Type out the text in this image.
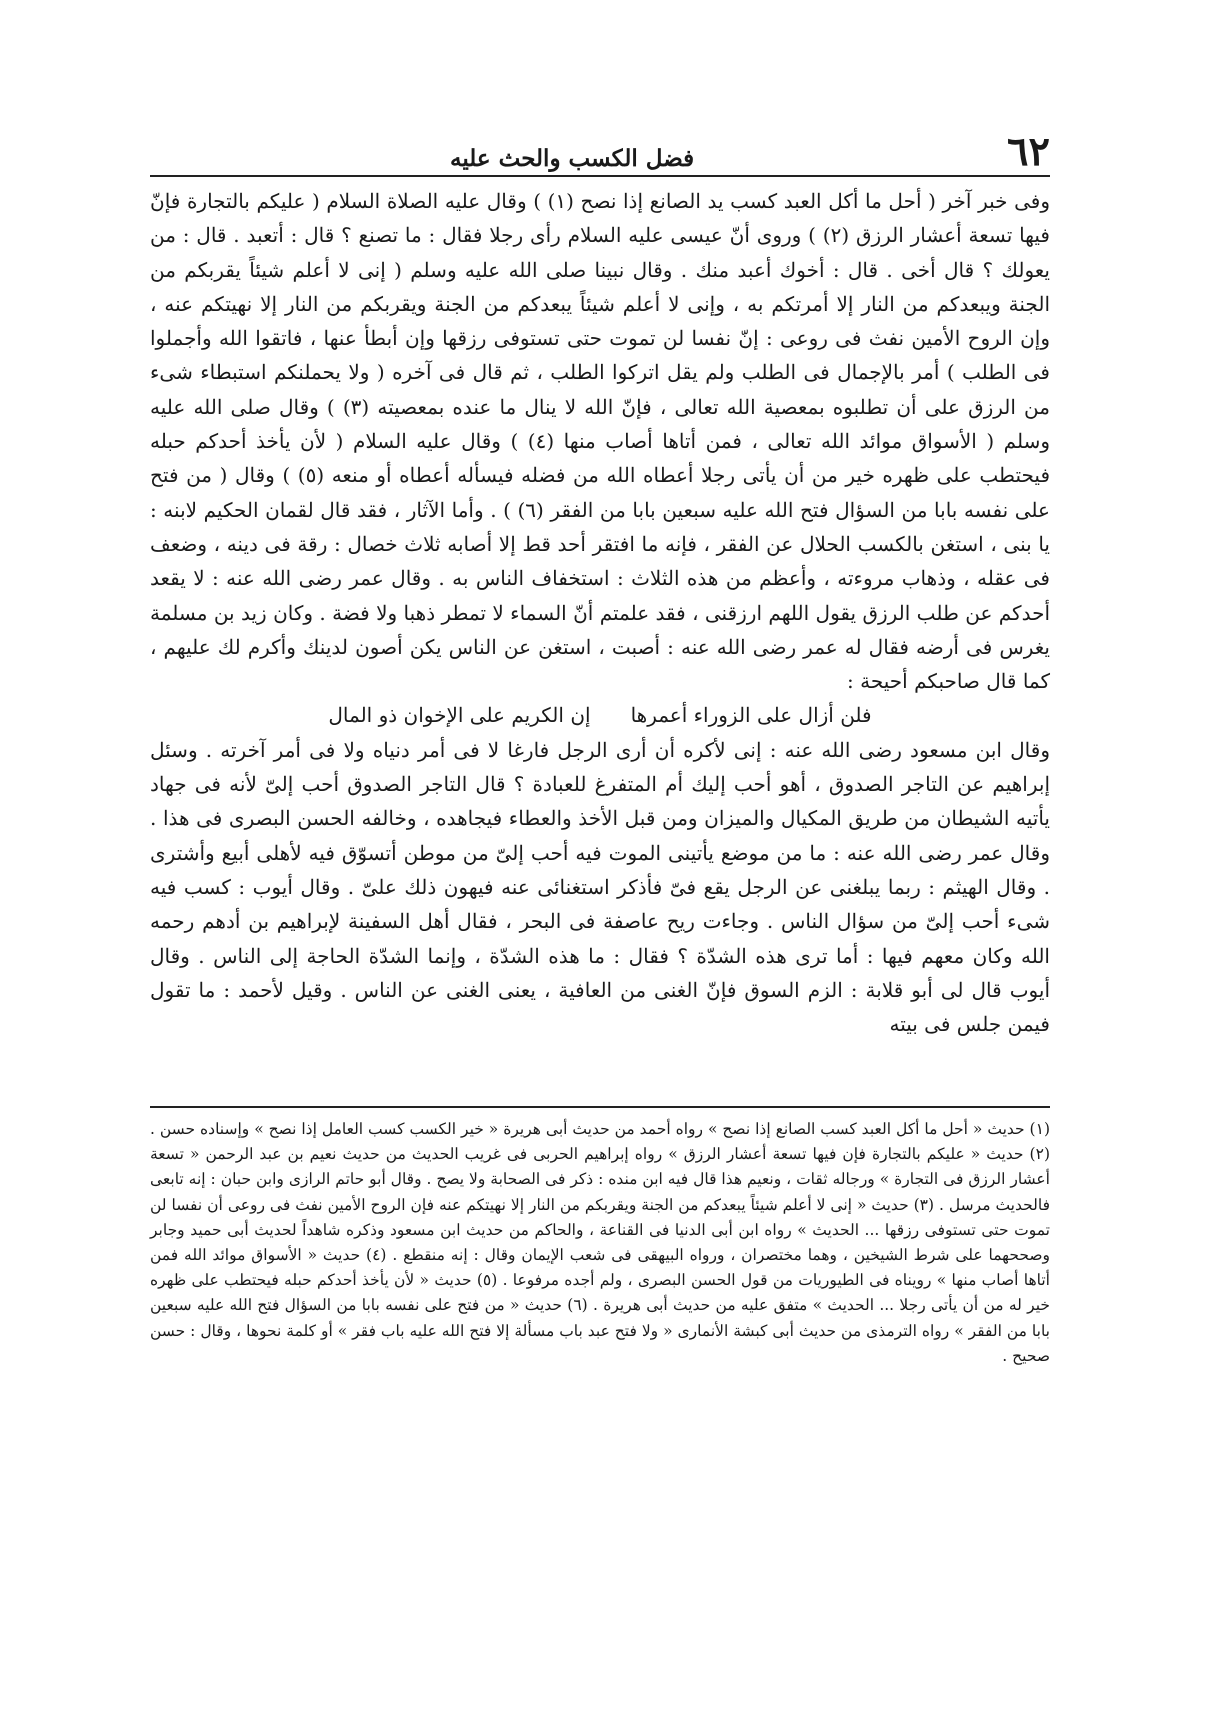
٦٢
فضل الكسب والحث عليه

وفى خبر آخر ( أحل ما أكل العبد كسب يد الصانع إذا نصح (١) ) وقال عليه الصلاة السلام ( عليكم بالتجارة فإنّ فيها تسعة أعشار الرزق (٢) ) وروى أنّ عيسى عليه السلام رأى رجلا فقال : ما تصنع ؟ قال : أتعبد . قال : من يعولك ؟ قال أخى . قال : أخوك أعبد منك . وقال نبينا صلى الله عليه وسلم ( إنى لا أعلم شيئاً يقربكم من الجنة ويبعدكم من النار إلا أمرتكم به ، وإنى لا أعلم شيئاً يبعدكم من الجنة ويقربكم من النار إلا نهيتكم عنه ، وإن الروح الأمين نفث فى روعى : إنّ نفسا لن تموت حتى تستوفى رزقها وإن أبطأ عنها ، فاتقوا الله وأجملوا فى الطلب ) أمر بالإجمال فى الطلب ولم يقل اتركوا الطلب ، ثم قال فى آخره ( ولا يحملنكم استبطاء شىء من الرزق على أن تطلبوه بمعصية الله تعالى ، فإنّ الله لا ينال ما عنده بمعصيته (٣) ) وقال صلى الله عليه وسلم ( الأسواق موائد الله تعالى ، فمن أتاها أصاب منها (٤) ) وقال عليه السلام ( لأن يأخذ أحدكم حبله فيحتطب على ظهره خير من أن يأتى رجلا أعطاه الله من فضله فيسأله أعطاه أو منعه (٥) ) وقال ( من فتح على نفسه بابا من السؤال فتح الله عليه سبعين بابا من الفقر (٦) ) . وأما الآثار ، فقد قال لقمان الحكيم لابنه : يا بنى ، استغن بالكسب الحلال عن الفقر ، فإنه ما افتقر أحد قط إلا أصابه ثلاث خصال : رقة فى دينه ، وضعف فى عقله ، وذهاب مروءته ، وأعظم من هذه الثلاث : استخفاف الناس به . وقال عمر رضى الله عنه : لا يقعد أحدكم عن طلب الرزق يقول اللهم ارزقنى ، فقد علمتم أنّ السماء لا تمطر ذهبا ولا فضة . وكان زيد بن مسلمة يغرس فى أرضه فقال له عمر رضى الله عنه : أصبت ، استغن عن الناس يكن أصون لدينك وأكرم لك عليهم ، كما قال صاحبكم أحيحة :

فلن أزال على الزوراء أعمرها
إن الكريم على الإخوان ذو المال

وقال ابن مسعود رضى الله عنه : إنى لأكره أن أرى الرجل فارغا لا فى أمر دنياه ولا فى أمر آخرته . وسئل إبراهيم عن التاجر الصدوق ، أهو أحب إليك أم المتفرغ للعبادة ؟ قال التاجر الصدوق أحب إلىّ لأنه فى جهاد يأتيه الشيطان من طريق المكيال والميزان ومن قبل الأخذ والعطاء فيجاهده ، وخالفه الحسن البصرى فى هذا . وقال عمر رضى الله عنه : ما من موضع يأتينى الموت فيه أحب إلىّ من موطن أتسوّق فيه لأهلى أبيع وأشترى . وقال الهيثم : ربما يبلغنى عن الرجل يقع فىّ فأذكر استغنائى عنه فيهون ذلك علىّ . وقال أيوب : كسب فيه شىء أحب إلىّ من سؤال الناس . وجاءت ريح عاصفة فى البحر ، فقال أهل السفينة لإبراهيم بن أدهم رحمه الله وكان معهم فيها : أما ترى هذه الشدّة ؟ فقال : ما هذه الشدّة ، وإنما الشدّة الحاجة إلى الناس . وقال أيوب قال لى أبو قلابة : الزم السوق فإنّ الغنى من العافية ، يعنى الغنى عن الناس . وقيل لأحمد : ما تقول فيمن جلس فى بيته

(١) حديث « أحل ما أكل العبد كسب الصانع إذا نصح » رواه أحمد من حديث أبى هريرة « خير الكسب كسب العامل إذا نصح » وإسناده حسن . (٢) حديث « عليكم بالتجارة فإن فيها تسعة أعشار الرزق » رواه إبراهيم الحربى فى غريب الحديث من حديث نعيم بن عبد الرحمن « تسعة أعشار الرزق فى التجارة » ورجاله ثقات ، ونعيم هذا قال فيه ابن منده : ذكر فى الصحابة ولا يصح . وقال أبو حاتم الرازى وابن حبان : إنه تابعى فالحديث مرسل . (٣) حديث « إنى لا أعلم شيئاً يبعدكم من الجنة ويقربكم من النار إلا نهيتكم عنه فإن الروح الأمين نفث فى روعى أن نفسا لن تموت حتى تستوفى رزقها ... الحديث » رواه ابن أبى الدنيا فى القناعة ، والحاكم من حديث ابن مسعود وذكره شاهداً لحديث أبى حميد وجابر وصححهما على شرط الشيخين ، وهما مختصران ، ورواه البيهقى فى شعب الإيمان وقال : إنه منقطع . (٤) حديث « الأسواق موائد الله فمن أتاها أصاب منها » رويناه فى الطيوريات من قول الحسن البصرى ، ولم أجده مرفوعا . (٥) حديث « لأن يأخذ أحدكم حبله فيحتطب على ظهره خير له من أن يأتى رجلا ... الحديث » متفق عليه من حديث أبى هريرة . (٦) حديث « من فتح على نفسه بابا من السؤال فتح الله عليه سبعين بابا من الفقر » رواه الترمذى من حديث أبى كبشة الأنمارى « ولا فتح عبد باب مسألة إلا فتح الله عليه باب فقر » أو كلمة نحوها ، وقال : حسن صحيح .
